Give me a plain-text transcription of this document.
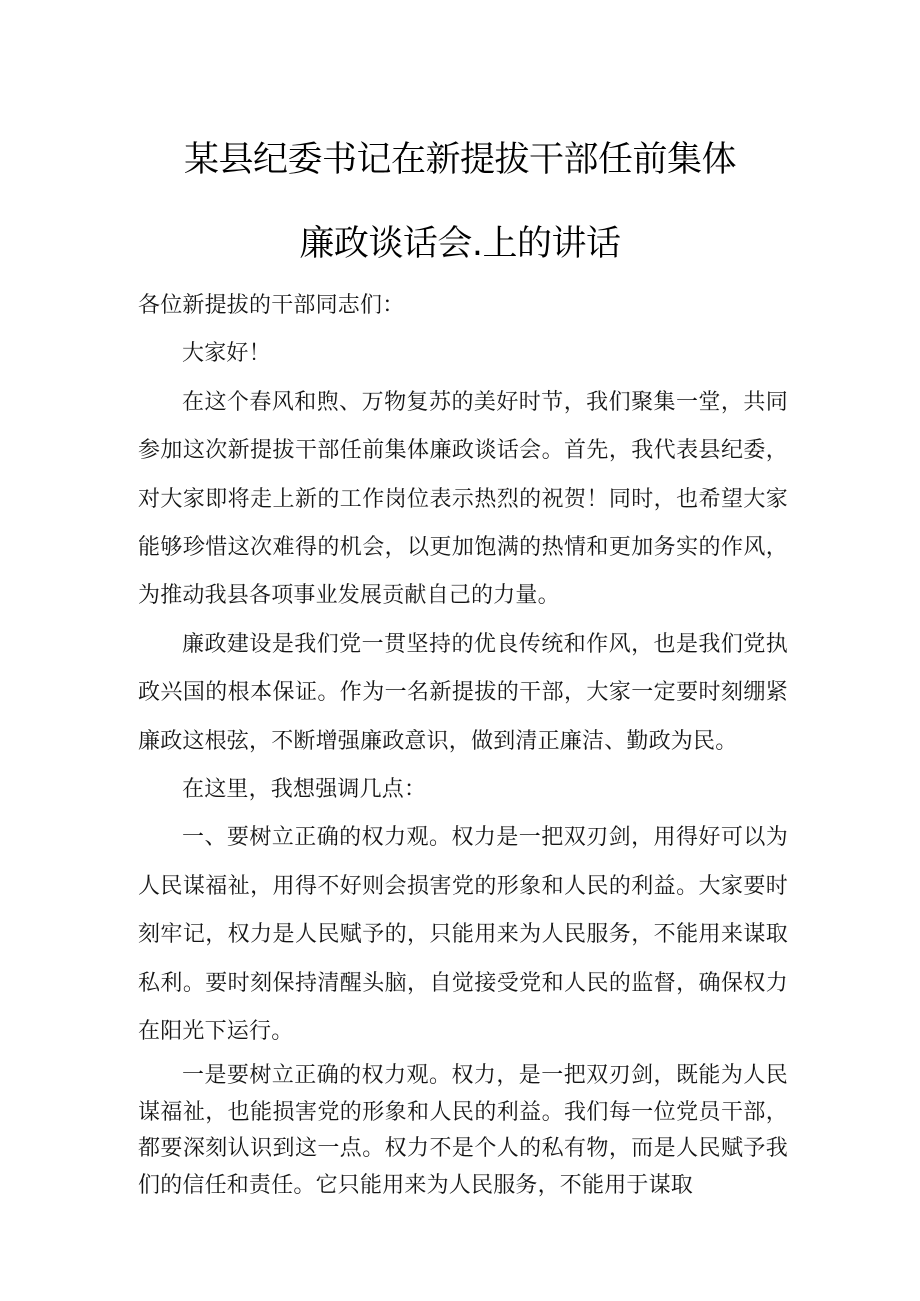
某县纪委书记在新提拔干部任前集体
廉政谈话会.上的讲话

各位新提拔的干部同志们：

大家好！

在这个春风和煦、万物复苏的美好时节，我们聚集一堂，共同参加这次新提拔干部任前集体廉政谈话会。首先，我代表县纪委，对大家即将走上新的工作岗位表示热烈的祝贺！同时，也希望大家能够珍惜这次难得的机会，以更加饱满的热情和更加务实的作风，为推动我县各项事业发展贡献自己的力量。

廉政建设是我们党一贯坚持的优良传统和作风，也是我们党执政兴国的根本保证。作为一名新提拔的干部，大家一定要时刻绷紧廉政这根弦，不断增强廉政意识，做到清正廉洁、勤政为民。

在这里，我想强调几点：

一、要树立正确的权力观。权力是一把双刃剑，用得好可以为人民谋福祉，用得不好则会损害党的形象和人民的利益。大家要时刻牢记，权力是人民赋予的，只能用来为人民服务，不能用来谋取私利。要时刻保持清醒头脑，自觉接受党和人民的监督，确保权力在阳光下运行。

一是要树立正确的权力观。权力，是一把双刃剑，既能为人民谋福祉，也能损害党的形象和人民的利益。我们每一位党员干部，都要深刻认识到这一点。权力不是个人的私有物，而是人民赋予我们的信任和责任。它只能用来为人民服务，不能用于谋取
